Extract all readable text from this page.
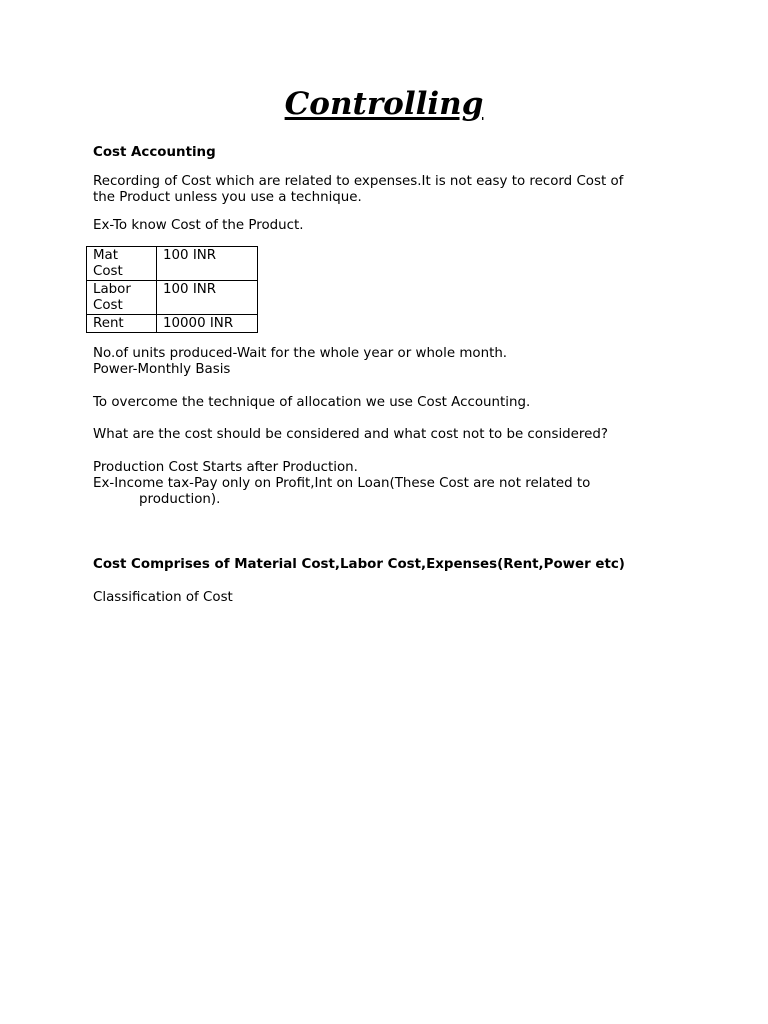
Controlling

Cost Accounting

Recording of Cost which are related to expenses.It is not easy to record Cost of
the Product unless you use a technique.

Ex-To know Cost of the Product.

Mat
Cost	100 INR
Labor
Cost	100 INR
Rent	10000 INR

No.of units produced-Wait for the whole year or whole month.
Power-Monthly Basis

To overcome the technique of allocation we use Cost Accounting.

What are the cost should be considered and what cost not to be considered?

Production Cost Starts after Production.
Ex-Income tax-Pay only on Profit,Int on Loan(These Cost are not related to
production).

Cost Comprises of Material Cost,Labor Cost,Expenses(Rent,Power etc)

Classification of Cost
